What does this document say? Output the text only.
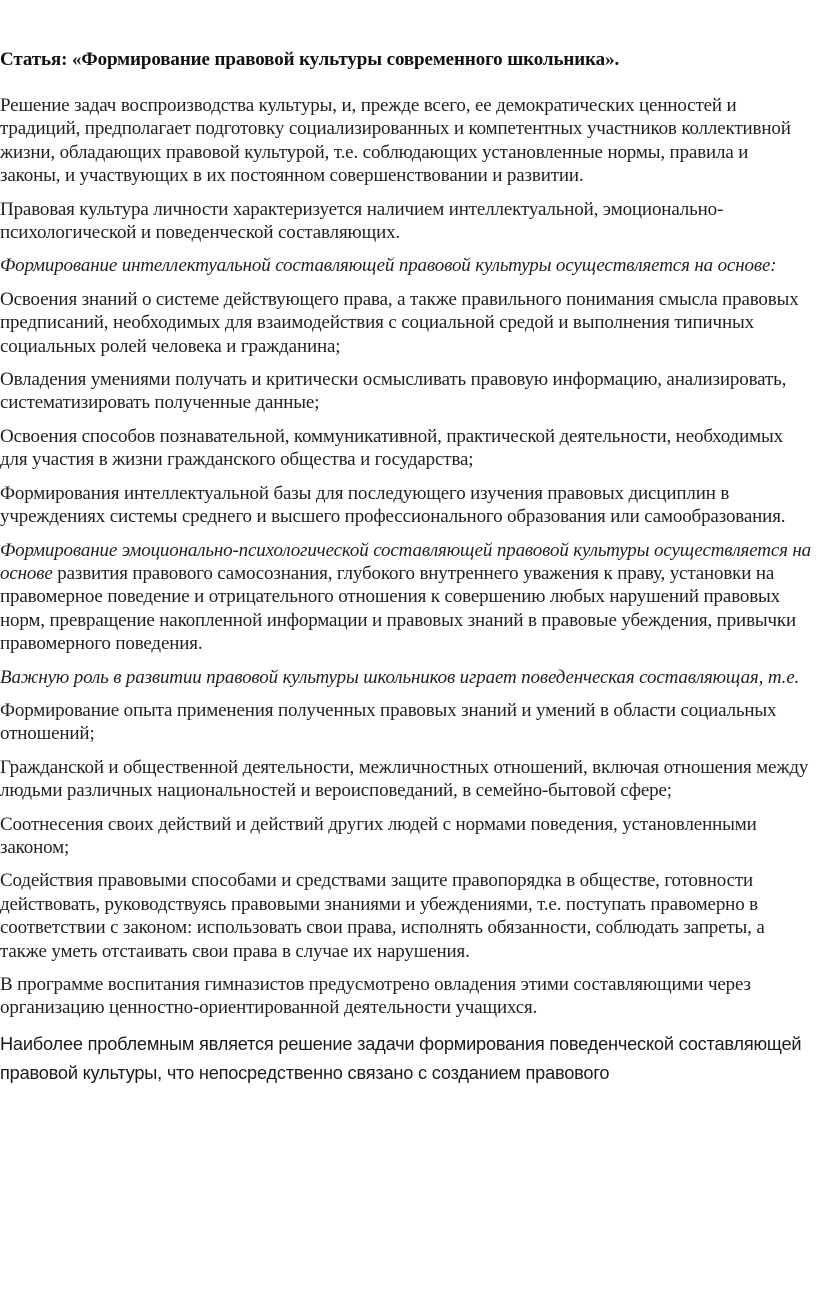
Статья: «Формирование правовой культуры современного школьника».

Решение задач воспроизводства культуры, и, прежде всего, ее демократических ценностей и традиций, предполагает подготовку социализированных и компетентных участников коллективной жизни, обладающих правовой культурой, т.е. соблюдающих установленные нормы, правила и законы, и участвующих в их постоянном совершенствовании и развитии.

Правовая культура личности характеризуется наличием интеллектуальной, эмоционально-психологической и поведенческой составляющих.

Формирование интеллектуальной составляющей правовой культуры осуществляется на основе:

Освоения знаний о системе действующего права, а также правильного понимания смысла правовых предписаний, необходимых для взаимодействия с социальной средой и выполнения типичных социальных ролей человека и гражданина;

Овладения умениями получать и критически осмысливать правовую информацию, анализировать, систематизировать полученные данные;

Освоения способов познавательной, коммуникативной, практической деятельности, необходимых для участия в жизни гражданского общества и государства;

Формирования интеллектуальной базы для последующего изучения правовых дисциплин в учреждениях системы среднего и высшего профессионального образования или самообразования.

Формирование эмоционально-психологической составляющей правовой культуры осуществляется на основе развития правового самосознания, глубокого внутреннего уважения к праву, установки на правомерное поведение и отрицательного отношения к совершению любых нарушений правовых норм, превращение накопленной информации и правовых знаний в правовые убеждения, привычки правомерного поведения.

Важную роль в развитии правовой культуры школьников играет поведенческая составляющая, т.е.

Формирование опыта применения полученных правовых знаний и умений в области социальных отношений;

Гражданской и общественной деятельности, межличностных отношений, включая отношения между людьми различных национальностей и вероисповеданий, в семейно-бытовой сфере;

Соотнесения своих действий и действий других людей с нормами поведения, установленными законом;

Содействия правовыми способами и средствами защите правопорядка в обществе, готовности действовать, руководствуясь правовыми знаниями и убеждениями, т.е. поступать правомерно в соответствии с законом: использовать свои права, исполнять обязанности, соблюдать запреты, а также уметь отстаивать свои права в случае их нарушения.

В программе воспитания гимназистов предусмотрено овладения этими составляющими через организацию ценностно-ориентированной деятельности учащихся.

Наиболее проблемным является решение задачи формирования поведенческой составляющей правовой культуры, что непосредственно связано с созданием правового
